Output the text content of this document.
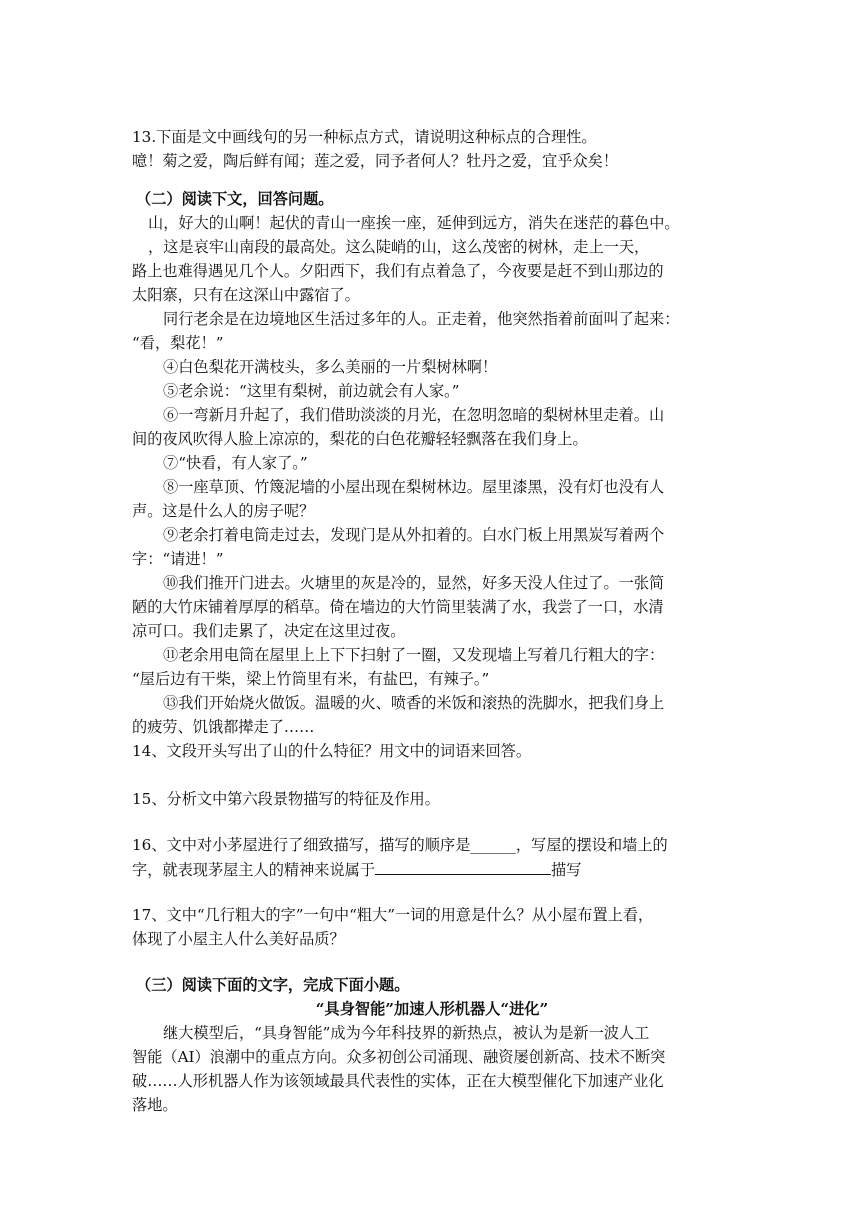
13.下面是文中画线句的另一种标点方式，请说明这种标点的合理性。
噫！菊之爱，陶后鲜有闻；莲之爱，同予者何人？牡丹之爱，宜乎众矣！
（二）阅读下文，回答问题。
山，好大的山啊！起伏的青山一座挨一座，延伸到远方，消失在迷茫的暮色中。
，这是哀牢山南段的最高处。这么陡峭的山，这么茂密的树林，走上一天，
路上也难得遇见几个人。夕阳西下，我们有点着急了，今夜要是赶不到山那边的
太阳寨，只有在这深山中露宿了。
同行老余是在边境地区生活过多年的人。正走着，他突然指着前面叫了起来：
“看，梨花！”
④白色梨花开满枝头，多么美丽的一片梨树林啊！
⑤老余说：“这里有梨树，前边就会有人家。”
⑥一弯新月升起了，我们借助淡淡的月光，在忽明忽暗的梨树林里走着。山
间的夜风吹得人脸上凉凉的，梨花的白色花瓣轻轻飘落在我们身上。
⑦“快看，有人家了。”
⑧一座草顶、竹篾泥墙的小屋出现在梨树林边。屋里漆黑，没有灯也没有人
声。这是什么人的房子呢？
⑨老余打着电筒走过去，发现门是从外扣着的。白水门板上用黑炭写着两个
字：“请进！”
⑩我们推开门进去。火塘里的灰是冷的，显然，好多天没人住过了。一张简
陋的大竹床铺着厚厚的稻草。倚在墙边的大竹筒里装满了水，我尝了一口，水清
凉可口。我们走累了，决定在这里过夜。
⑪老余用电筒在屋里上上下下扫射了一圈，又发现墙上写着几行粗大的字：
“屋后边有干柴，梁上竹筒里有米，有盐巴，有辣子。”
⑬我们开始烧火做饭。温暖的火、喷香的米饭和滚热的洗脚水，把我们身上
的疲劳、饥饿都撵走了……
14、文段开头写出了山的什么特征？用文中的词语来回答。
15、分析文中第六段景物描写的特征及作用。
16、文中对小茅屋进行了细致描写，描写的顺序是______，写屋的摆设和墙上的
字，就表现茅屋主人的精神来说属于	描写
17、文中“几行粗大的字”一句中“粗大”一词的用意是什么？从小屋布置上看，
体现了小屋主人什么美好品质？
（三）阅读下面的文字，完成下面小题。
“具身智能”加速人形机器人“进化”
继大模型后，“具身智能”成为今年科技界的新热点，被认为是新一波人工
智能（AI）浪潮中的重点方向。众多初创公司涌现、融资屡创新高、技术不断突
破……人形机器人作为该领域最具代表性的实体，正在大模型催化下加速产业化
落地。
